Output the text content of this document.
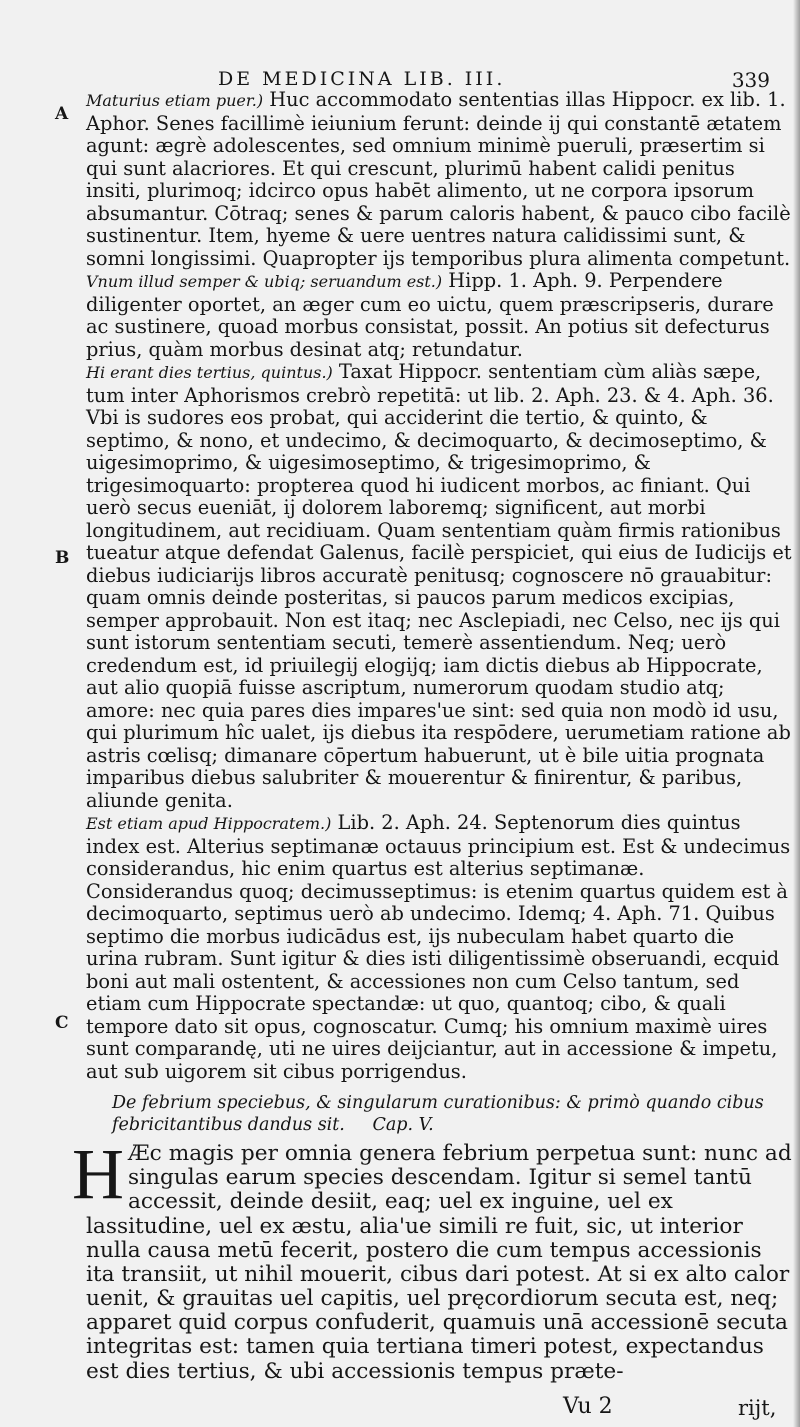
DE MEDICINA LIB. III.	339
A
B
C

Maturius etiam puer.) Huc accommodato sententias illas Hippocr. ex lib. 1. Aphor. Senes facillimè ieiunium ferunt: deinde ij qui constantē ætatem agunt: ægrè adolescentes, sed omnium minimè pueruli, præsertim si qui sunt alacriores. Et qui crescunt, plurimū habent calidi penitus insiti, plurimoq; idcirco opus habēt alimento, ut ne corpora ipsorum absumantur. Cōtraq; senes & parum caloris habent, & pauco cibo facilè sustinentur. Item, hyeme & uere uentres natura calidissimi sunt, & somni longissimi. Quapropter ijs temporibus plura alimenta competunt.

Vnum illud semper & ubiq; seruandum est.) Hipp. 1. Aph. 9. Perpendere diligenter oportet, an æger cum eo uictu, quem præscripseris, durare ac sustinere, quoad morbus consistat, possit. An potius sit defecturus prius, quàm morbus desinat atq; retundatur.

Hi erant dies tertius, quintus.) Taxat Hippocr. sententiam cùm aliàs sæpe, tum inter Aphorismos crebrò repetitā: ut lib. 2. Aph. 23. & 4. Aph. 36. Vbi is sudores eos probat, qui acciderint die tertio, & quinto, & septimo, & nono, et undecimo, & decimoquarto, & decimoseptimo, & uigesimoprimo, & uigesimoseptimo, & trigesimoprimo, & trigesimoquarto: propterea quod hi iudicent morbos, ac finiant. Qui uerò secus eueniāt, ij dolorem laboremq; significent, aut morbi longitudinem, aut recidiuam. Quam sententiam quàm firmis rationibus tueatur atque defendat Galenus, facilè perspiciet, qui eius de Iudicijs et diebus iudiciarijs libros accuratè penitusq; cognoscere nō grauabitur: quam omnis deinde posteritas, si paucos parum medicos excipias, semper approbauit. Non est itaq; nec Asclepiadi, nec Celso, nec ijs qui sunt istorum sententiam secuti, temerè assentiendum. Neq; uerò credendum est, id priuilegij elogijq; iam dictis diebus ab Hippocrate, aut alio quopiā fuisse ascriptum, numerorum quodam studio atq; amore: nec quia pares dies impares'ue sint: sed quia non modò id usu, qui plurimum hîc ualet, ijs diebus ita respōdere, uerumetiam ratione ab astris cœlisq; dimanare cōpertum habuerunt, ut è bile uitia prognata imparibus diebus salubriter & mouerentur & finirentur, & paribus, aliunde genita.

Est etiam apud Hippocratem.) Lib. 2. Aph. 24. Septenorum dies quintus index est. Alterius septimanæ octauus principium est. Est & undecimus considerandus, hic enim quartus est alterius septimanæ. Considerandus quoq; decimusseptimus: is etenim quartus quidem est à decimoquarto, septimus uerò ab undecimo. Idemq; 4. Aph. 71. Quibus septimo die morbus iudicādus est, ijs nubeculam habet quarto die urina rubram. Sunt igitur & dies isti diligentissimè obseruandi, ecquid boni aut mali ostentent, & accessiones non cum Celso tantum, sed etiam cum Hippocrate spectandæ: ut quo, quantoq; cibo, & quali tempore dato sit opus, cognoscatur. Cumq; his omnium maximè uires sunt comparandę, uti ne uires deijciantur, aut in accessione & impetu, aut sub uigorem sit cibus porrigendus.

De febrium speciebus, & singularum curationibus: & primò quando cibus febricitantibus dandus sit. Cap. V.

H Æc magis per omnia genera febrium perpetua sunt: nunc ad singulas earum species descendam. Igitur si semel tantū accessit, deinde desiit, eaq; uel ex inguine, uel ex lassitudine, uel ex æstu, alia'ue simili re fuit, sic, ut interior nulla causa metū fecerit, postero die cum tempus accessionis ita transiit, ut nihil mouerit, cibus dari potest. At si ex alto calor uenit, & grauitas uel capitis, uel pręcordiorum secuta est, neq; apparet quid corpus confuderit, quamuis unā accessionē secuta integritas est: tamen quia tertiana timeri potest, expectandus est dies tertius, & ubi accessionis tempus præte-

Vu 2	rijt,
